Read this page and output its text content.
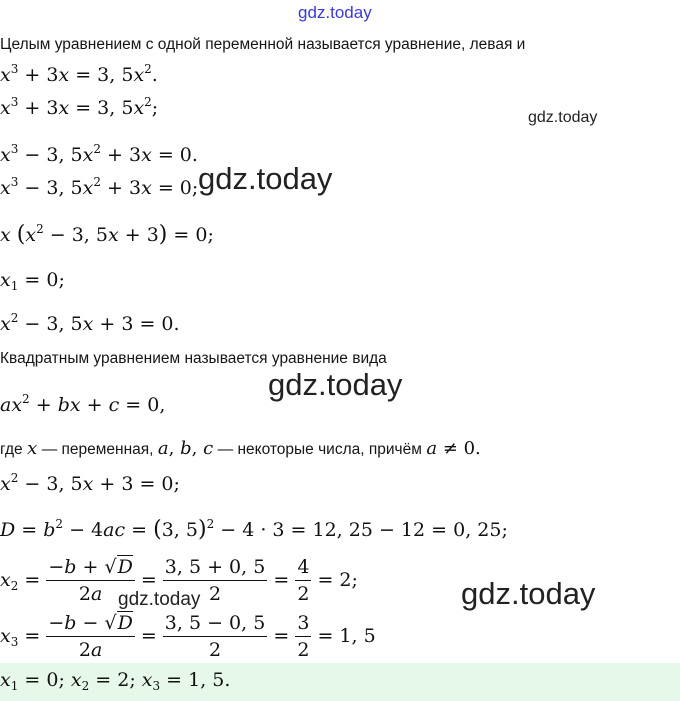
gdz.today
Целым уравнением с одной переменной называется уравнение, левая и
$x^3 + 3x = 3$, $5x^2$.
$x^3 + 3x = 3$, $5x^2$;	gdz.today
$x^3 - 3$, $5x^2 + 3x = 0$.
$x^3 - 3$, $5x^2 + 3x = 0$; gdz.today
x ($x^2 - 3$, 5x + 3) = 0;
$x_1 = 0$;
$x^2 - 3$, 5x + 3 = 0.
Квадратным уравнением называется уравнение вида
gdz.today
$ax^2$ + bx + c = 0,
где x — переменная, a, b, c — некоторые числа, причём a ≠ 0.
$x^2 - 3$, 5x + 3 = 0;
$D = b^2 - 4ac = (3$, 5)$^2$ − 4 · 3 = 12, 25 − 12 = 0, 25;
$x_2 = \frac{-b + √D}{2a} = \frac{3, 5 + 0, 5}{2} = \frac{4}{2} = 2$;
gdz.today	gdz.today
$x_3 = \frac{-b - √D}{2a} = \frac{3, 5 - 0, 5}{2} = \frac{3}{2} = 1$, 5
$x_1 = 0$; $x_2 = 2$; $x_3 = 1$, 5.
